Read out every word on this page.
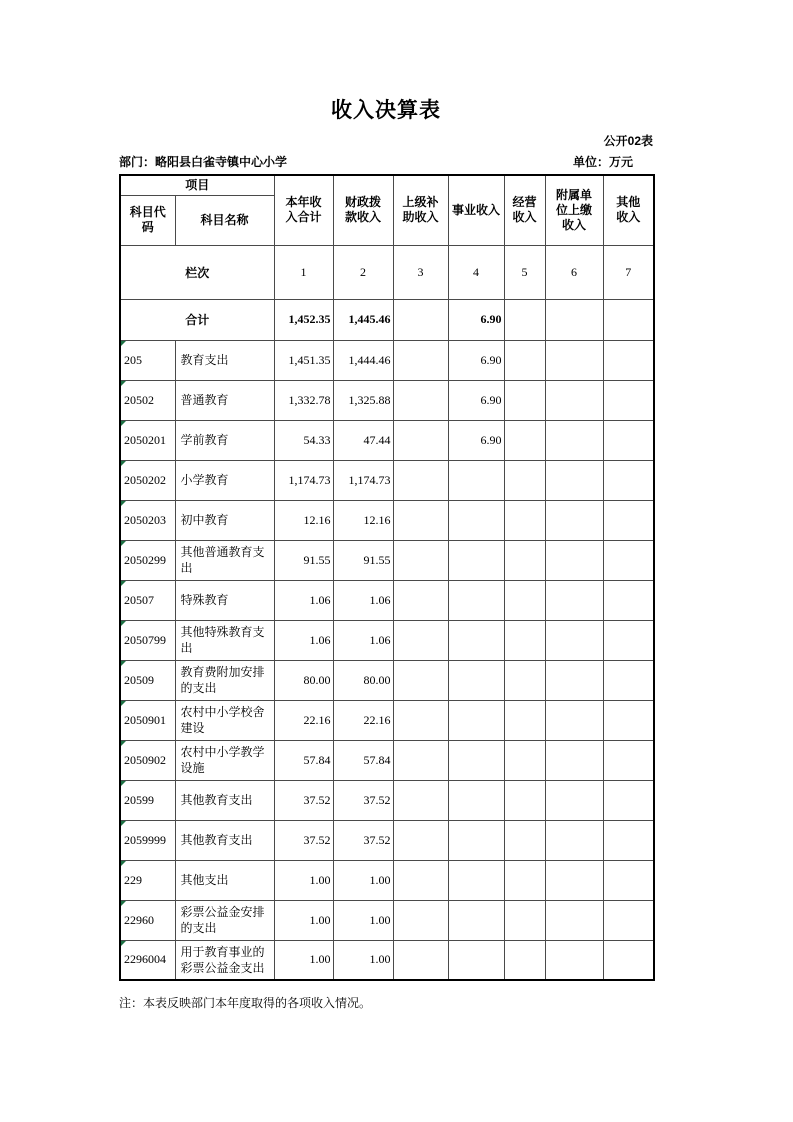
收入决算表
公开02表
部门：略阳县白雀寺镇中心小学	单位：万元
项目		本年收入合计	财政拨款收入	上级补助收入	事业收入	经营收入	附属单位上缴收入	其他收入
科目代码	科目名称							
栏次		1	2	3	4	5	6	7
合计		1,452.35	1,445.46		6.90			
205	教育支出	1,451.35	1,444.46		6.90			
20502	普通教育	1,332.78	1,325.88		6.90			
2050201	学前教育	54.33	47.44		6.90			
2050202	小学教育	1,174.73	1,174.73					
2050203	初中教育	12.16	12.16					
2050299	其他普通教育支出	91.55	91.55					
20507	特殊教育	1.06	1.06					
2050799	其他特殊教育支出	1.06	1.06					
20509	教育费附加安排的支出	80.00	80.00					
2050901	农村中小学校舍建设	22.16	22.16					
2050902	农村中小学教学设施	57.84	57.84					
20599	其他教育支出	37.52	37.52					
2059999	其他教育支出	37.52	37.52					
229	其他支出	1.00	1.00					
22960	彩票公益金安排的支出	1.00	1.00					
2296004	用于教育事业的彩票公益金支出	1.00	1.00					
注：本表反映部门本年度取得的各项收入情况。
